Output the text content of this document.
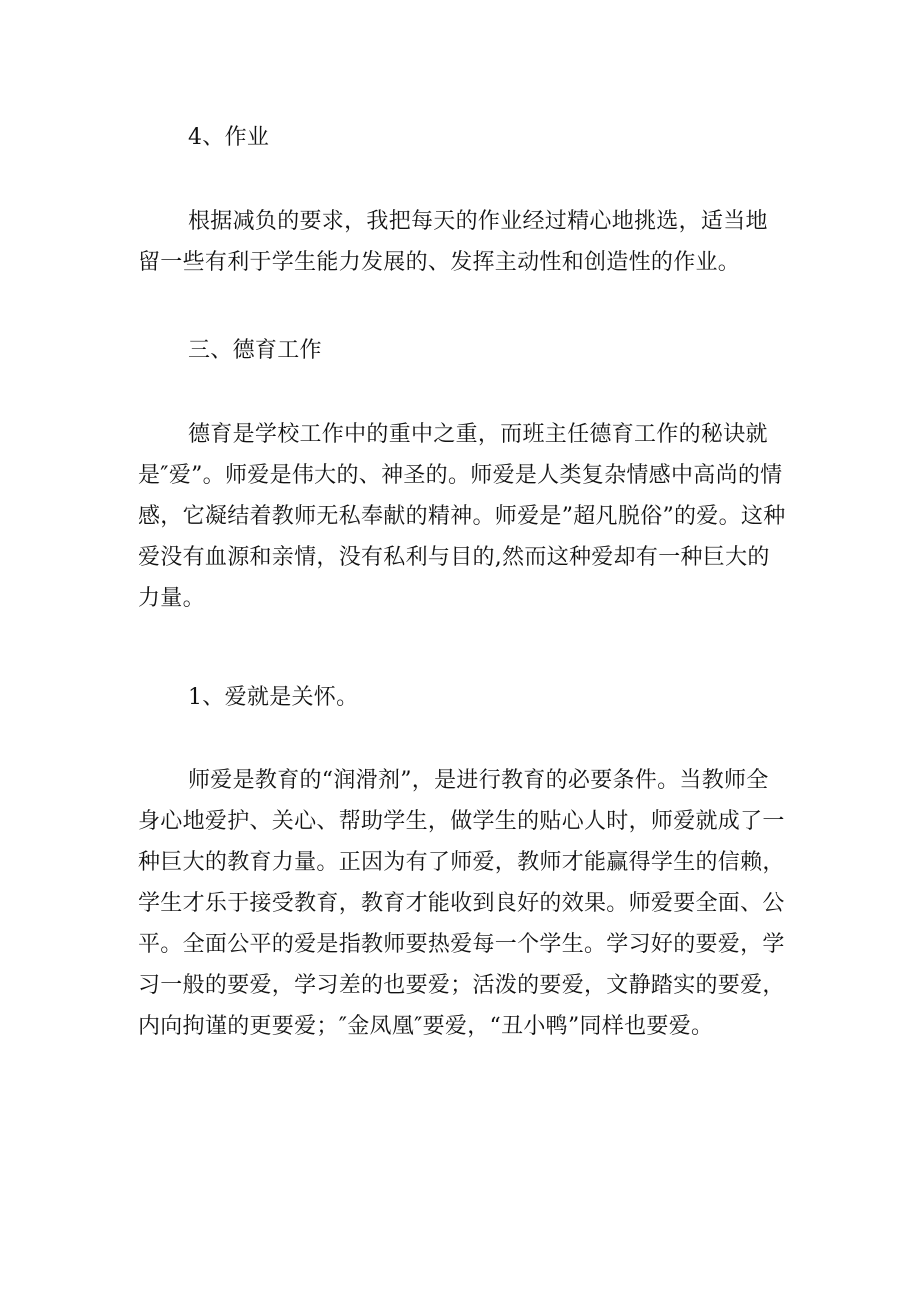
4、作业

根据减负的要求，我把每天的作业经过精心地挑选，适当地留一些有利于学生能力发展的、发挥主动性和创造性的作业。

三、德育工作

德育是学校工作中的重中之重，而班主任德育工作的秘诀就是″爱”。师爱是伟大的、神圣的。师爱是人类复杂情感中高尚的情感，它凝结着教师无私奉献的精神。师爱是”超凡脱俗”的爱。这种爱没有血源和亲情，没有私利与目的,然而这种爱却有一种巨大的力量。

1、爱就是关怀。

师爱是教育的“润滑剂”，是进行教育的必要条件。当教师全身心地爱护、关心、帮助学生，做学生的贴心人时，师爱就成了一种巨大的教育力量。正因为有了师爱，教师才能赢得学生的信赖，学生才乐于接受教育，教育才能收到良好的效果。师爱要全面、公平。全面公平的爱是指教师要热爱每一个学生。学习好的要爱，学习一般的要爱，学习差的也要爱；活泼的要爱，文静踏实的要爱，内向拘谨的更要爱；″金凤凰″要爱，“丑小鸭”同样也要爱。
